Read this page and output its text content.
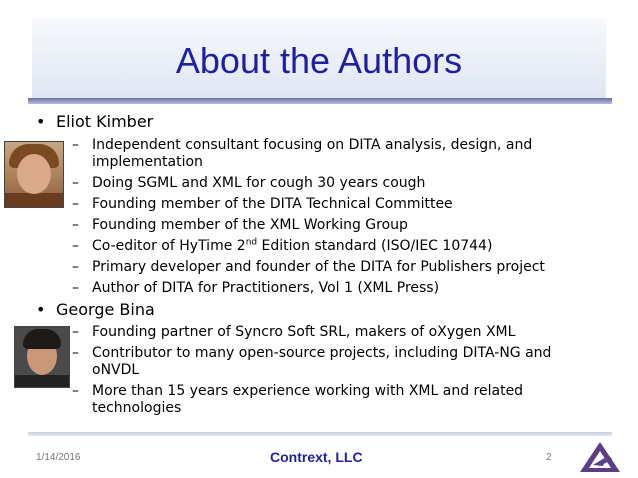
About the Authors
• Eliot Kimber
– Independent consultant focusing on DITA analysis, design, and implementation
– Doing SGML and XML for cough 30 years cough
– Founding member of the DITA Technical Committee
– Founding member of the XML Working Group
– Co-editor of HyTime 2nd Edition standard (ISO/IEC 10744)
– Primary developer and founder of the DITA for Publishers project
– Author of DITA for Practitioners, Vol 1 (XML Press)
• George Bina
– Founding partner of Syncro Soft SRL, makers of oXygen XML
– Contributor to many open-source projects, including DITA-NG and oNVDL
– More than 15 years experience working with XML and related technologies
1/14/2016	Contrext, LLC	2
